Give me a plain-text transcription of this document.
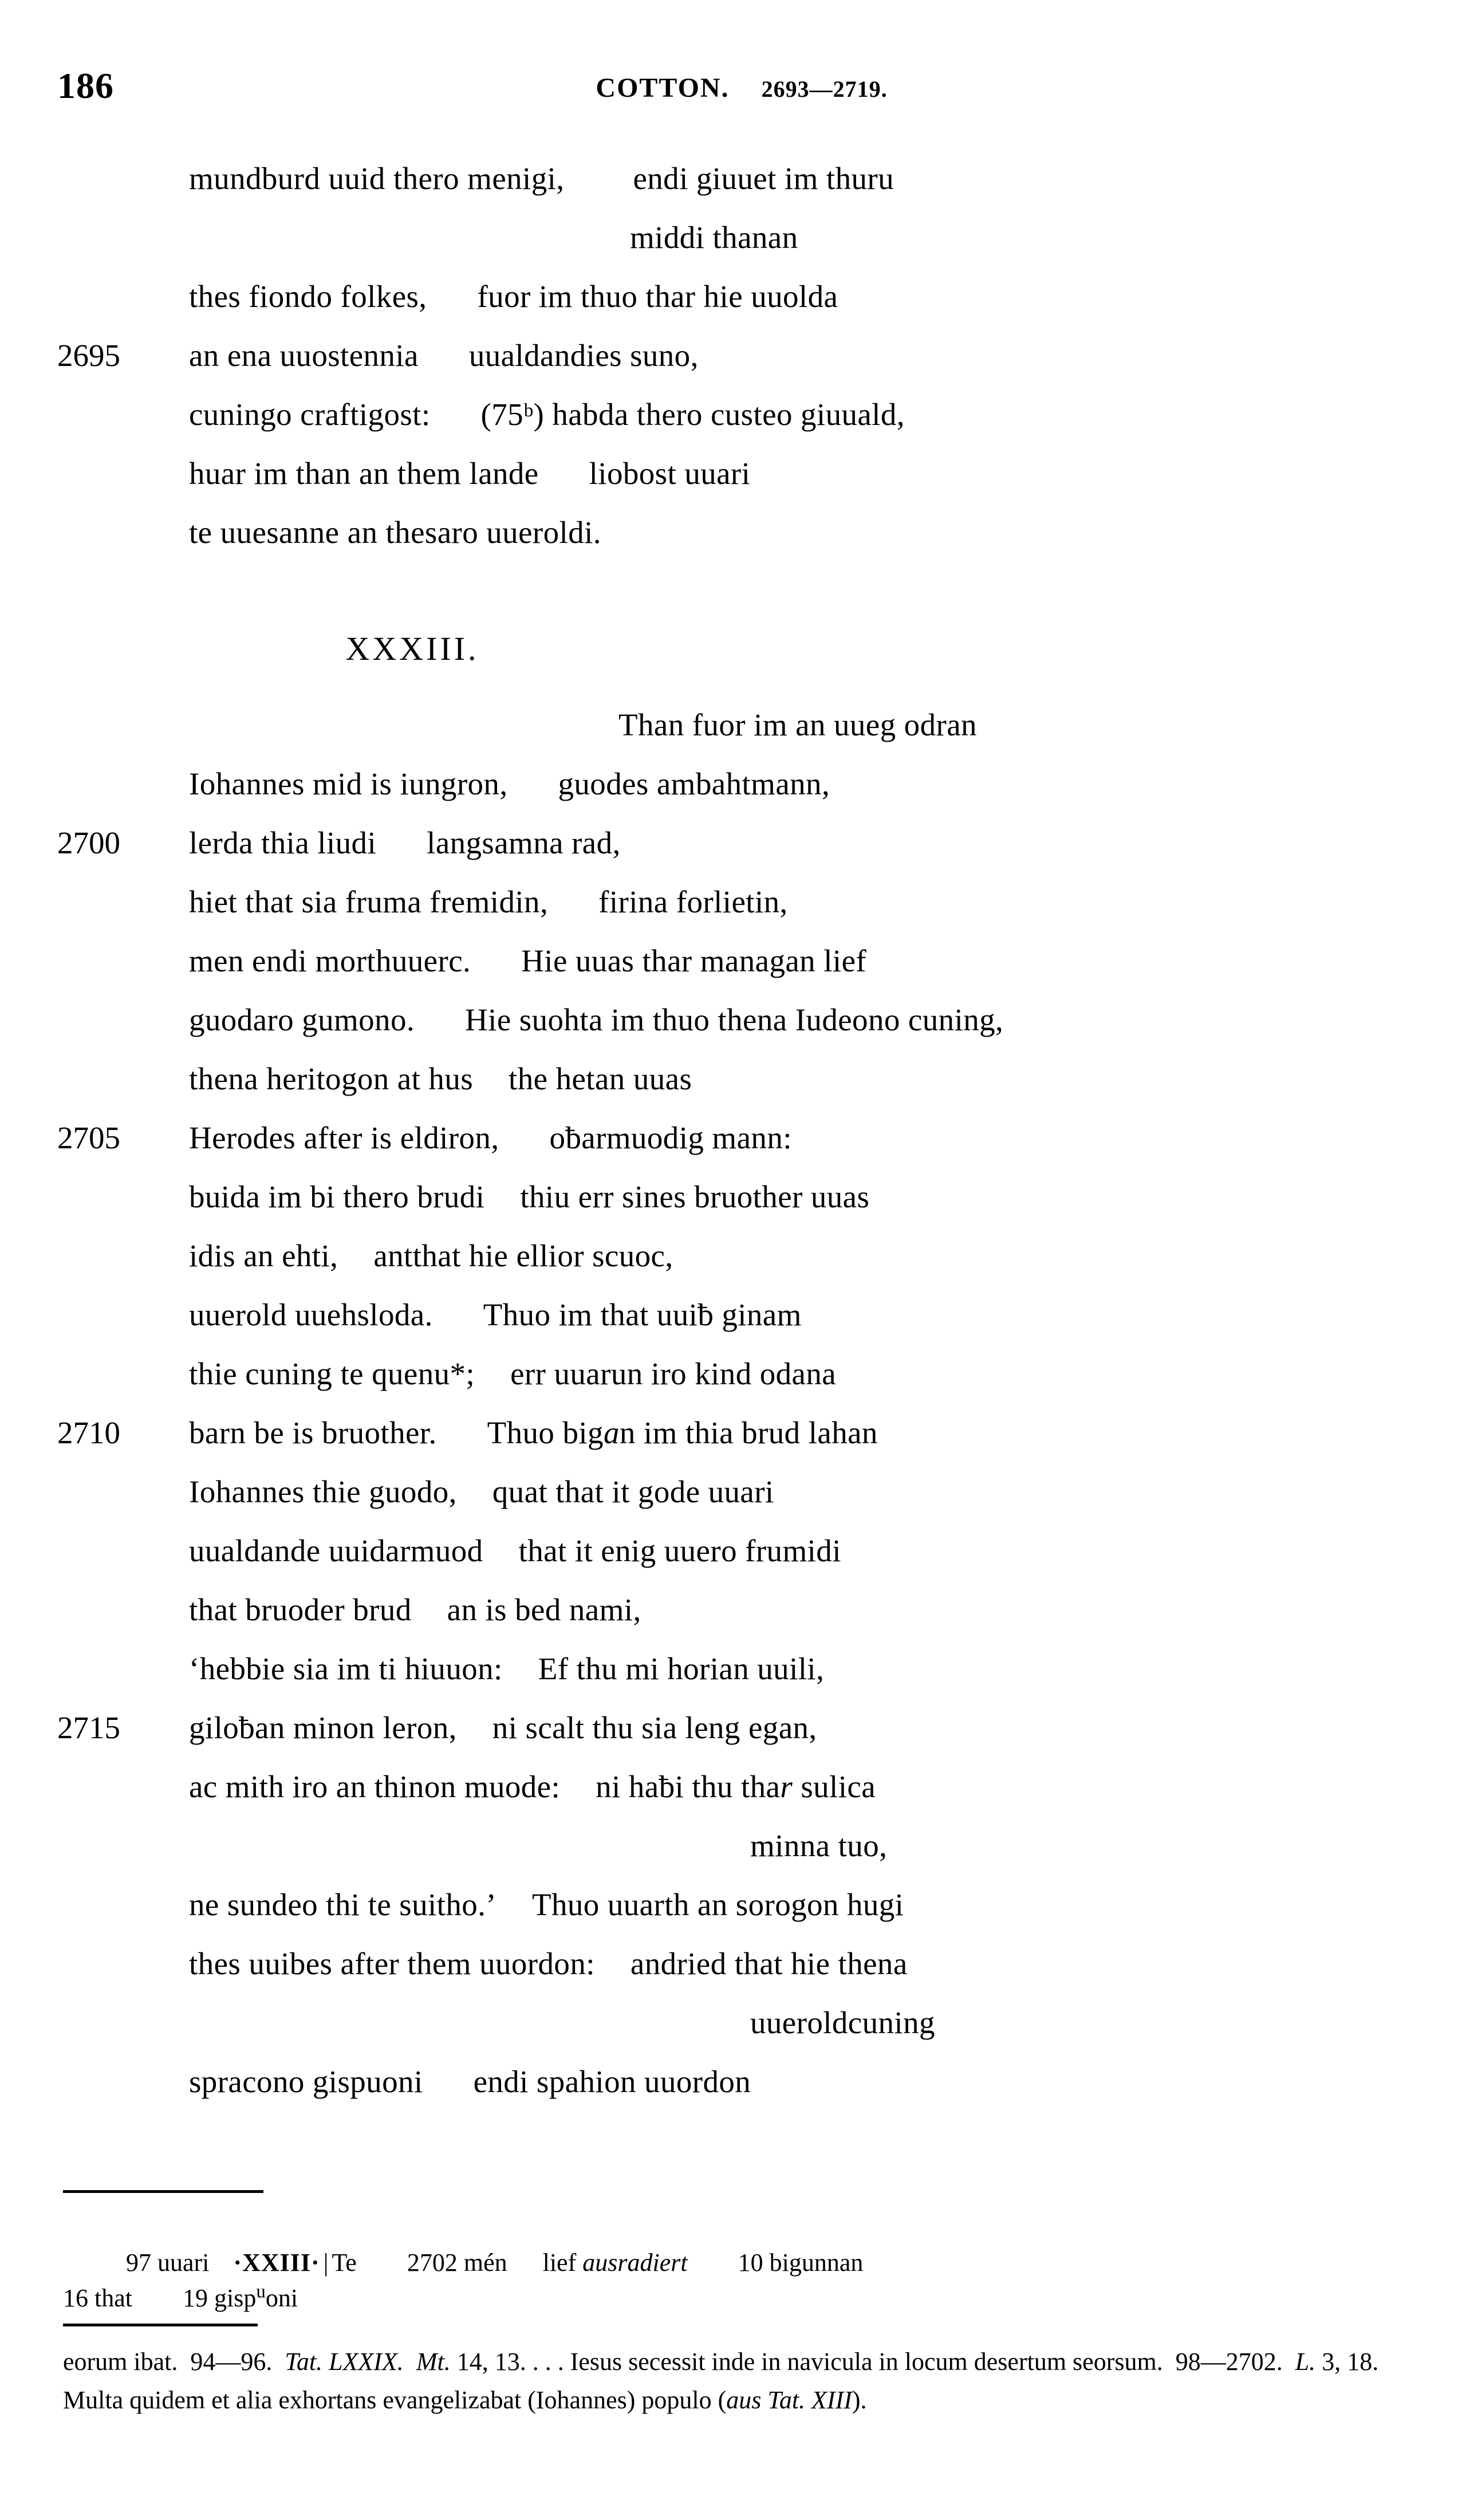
186	COTTON. 2693—2719.
mundburd uuid thero menigi, endi giuuet im thuru
middi thanan
thes fiondo folkes, fuor im thuo thar hie uuolda
2695	an ena uuostennia uualdandies suno,
cuningo craftigost: (75ᵇ) habda thero custeo giuuald,
huar im than an them lande liobost uuari
te uuesanne an thesaro uueroldi.
XXXIII.
Than fuor im an uueg odran
Iohannes mid is iungron, guodes ambahtmann,
2700	lerda thia liudi langsamna rad,
hiet that sia fruma fremidin, firina forlietin,
men endi morthuuerc. Hie uuas thar managan lief
guodaro gumono. Hie suohta im thuo thena Iudeono cuning,
thena heritogon at hus the hetan uuas
2705	Herodes after is eldiron, oƀarmuodig mann:
buida im bi thero brudi thiu err sines bruother uuas
idis an ehti, antthat hie ellior scuoc,
uuerold uuehsloda. Thuo im that uuiƀ ginam
thie cuning te quenu*; err uuarun iro kind odana
2710	barn be is bruother. Thuo bigan im thia brud lahan
Iohannes thie guodo, quat that it gode uuari
uualdande uuidarmuod that it enig uuero frumidi
that bruoder brud an is bed nami,
‘hebbie sia im ti hiuuon: Ef thu mi horian uuili,
2715	giloƀan minon leron, ni scalt thu sia leng egan,
ac mith iro an thinon muode: ni haƀi thu thar sulica
minna tuo,
ne sundeo thi te suitho.’ Thuo uuarth an sorogon hugi
thes uuibes after them uuordon: andried that hie thena
uueroldcuning
spracono gispuoni endi spahion uuordon

97 uuari ·XXIII· | Te 2702 mén lief ausradiert 10 bigunnan
16 that 19 gisp$^u$oni
eorum ibat.  94—96.  Tat. LXXIX. Mt. 14, 13. . . . Iesus secessit inde in navicula in locum desertum seorsum.  98—2702.  L. 3, 18.  Multa quidem et alia exhortans evangelizabat (Iohannes) populo (aus Tat. XIII).
